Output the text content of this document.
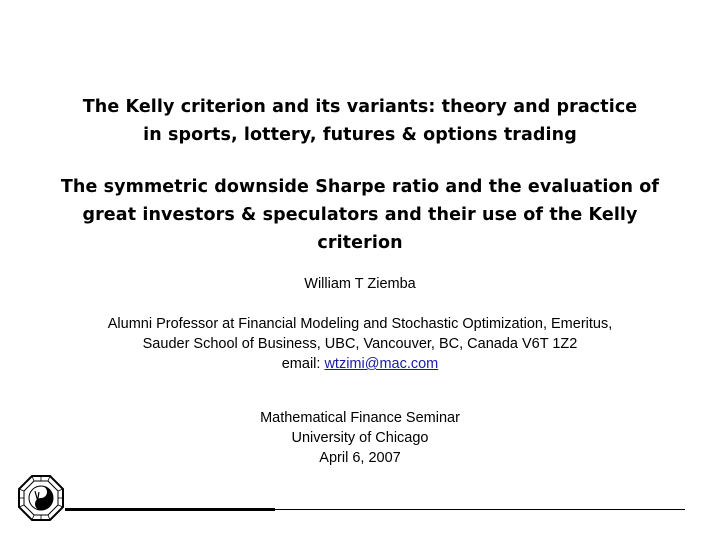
The Kelly criterion and its variants: theory and practice
in sports, lottery, futures & options trading
The symmetric downside Sharpe ratio and the evaluation of
great investors & speculators and their use of the Kelly
criterion

William T Ziemba

Alumni Professor at Financial Modeling and Stochastic Optimization, Emeritus,
Sauder School of Business, UBC, Vancouver, BC, Canada V6T 1Z2
email: wtzimi@mac.com

Mathematical Finance Seminar
University of Chicago
April 6, 2007
